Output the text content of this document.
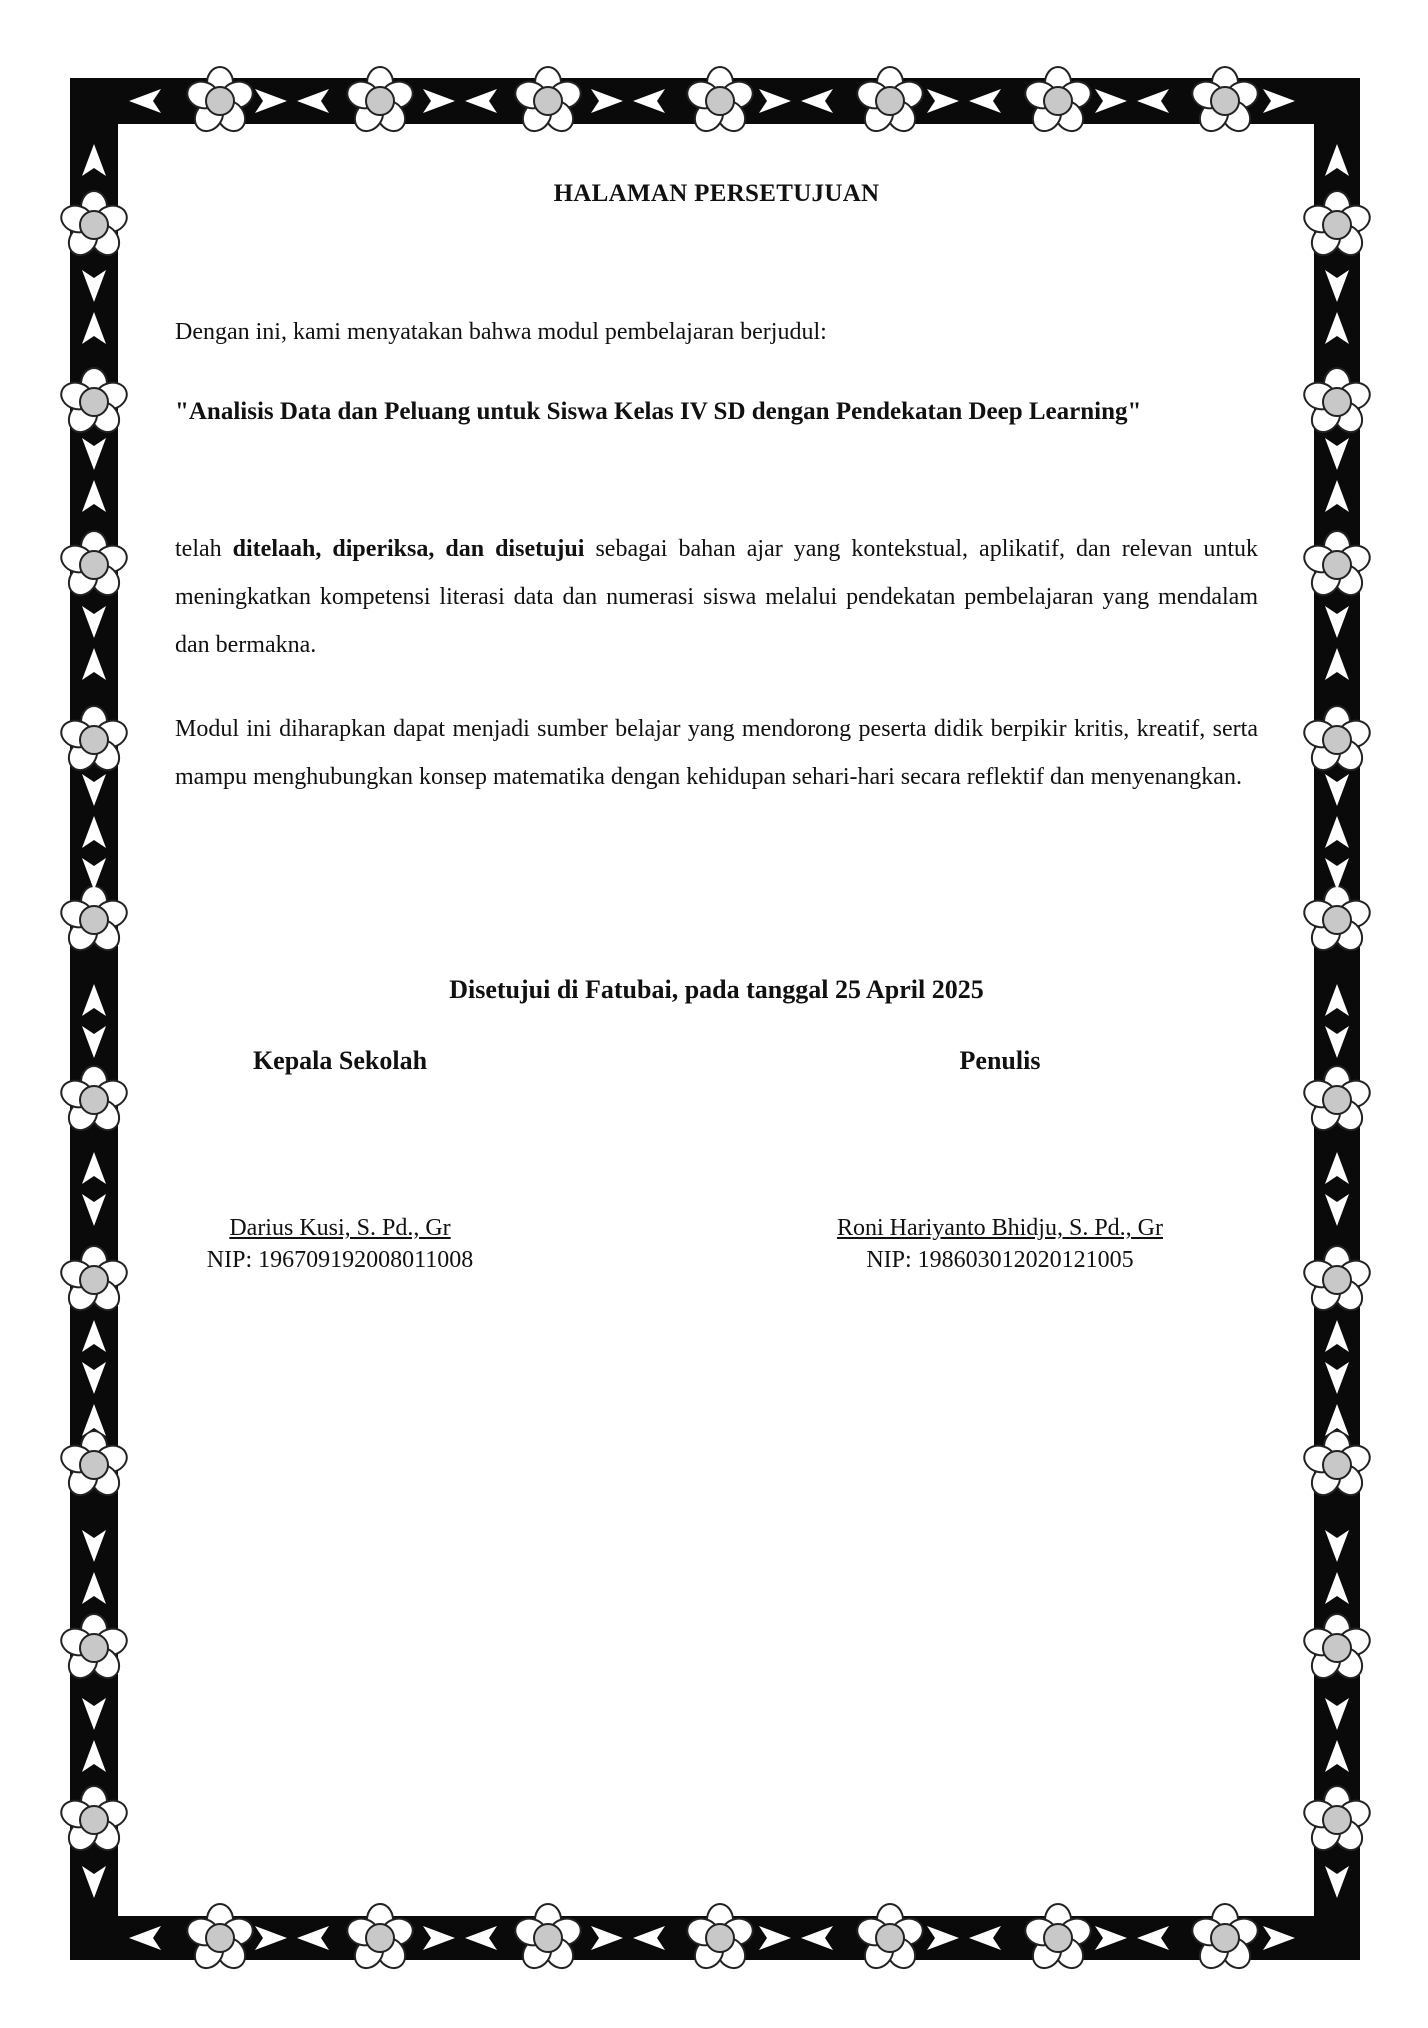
HALAMAN PERSETUJUAN

Dengan ini, kami menyatakan bahwa modul pembelajaran berjudul:

"Analisis Data dan Peluang untuk Siswa Kelas IV SD dengan Pendekatan Deep Learning"

telah ditelaah, diperiksa, dan disetujui sebagai bahan ajar yang kontekstual, aplikatif, dan relevan untuk meningkatkan kompetensi literasi data dan numerasi siswa melalui pendekatan pembelajaran yang mendalam dan bermakna.

Modul ini diharapkan dapat menjadi sumber belajar yang mendorong peserta didik berpikir kritis, kreatif, serta mampu menghubungkan konsep matematika dengan kehidupan sehari-hari secara reflektif dan menyenangkan.

Disetujui di Fatubai, pada tanggal 25 April 2025
Kepala Sekolah
Darius Kusi, S. Pd., Gr
NIP: 196709192008011008
Penulis
Roni Hariyanto Bhidju, S. Pd., Gr
NIP: 198603012020121005
